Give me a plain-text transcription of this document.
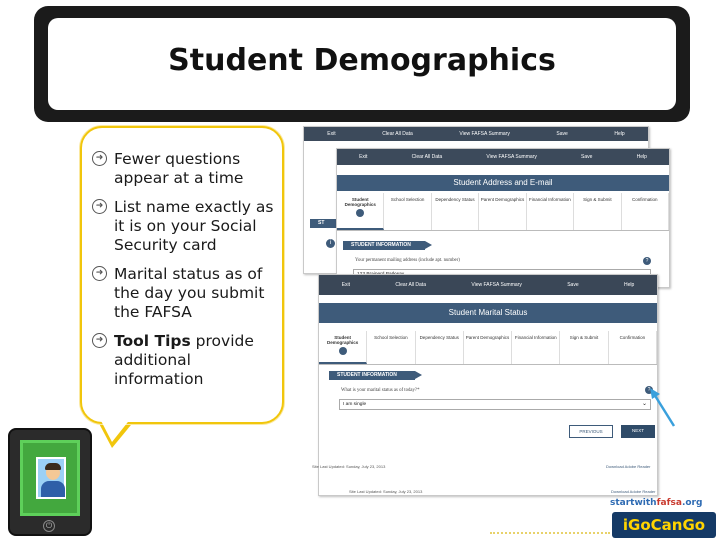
Student Demographics
Exit	Clear All Data	View FAFSA Summary	Save	Help
ST
Exit	Clear All Data	View FAFSA Summary	Save	Help
Student Address and E-mail
Student Demographics
School Selection	Dependency Status	Parent Demographics	Financial Information	Sign & Submit	Confirmation
STUDENT INFORMATION
Your permanent mailing address (include apt. number)	?
i
Exit	Clear All Data	View FAFSA Summary	Save	Help
Student Marital Status
Student Demographics
School Selection	Dependency Status	Parent Demographics	Financial Information	Sign & Submit	Confirmation
STUDENT INFORMATION
What is your marital status as of today?*	?
I am single	⌄
PREVIOUS	NEXT
Site Last Updated: Sunday, July 23, 2013	Download Adobe Reader
Site Last Updated: Sunday, July 23, 2013	Download Adobe Reader
➜ Fewer questions appear at a time
➜ List name exactly as it is on your Social Security card
➜ Marital status as of the day you submit the FAFSA
➜ Tool Tips provide additional information
⏻
startwithfafsa.org
iGoCanGo
